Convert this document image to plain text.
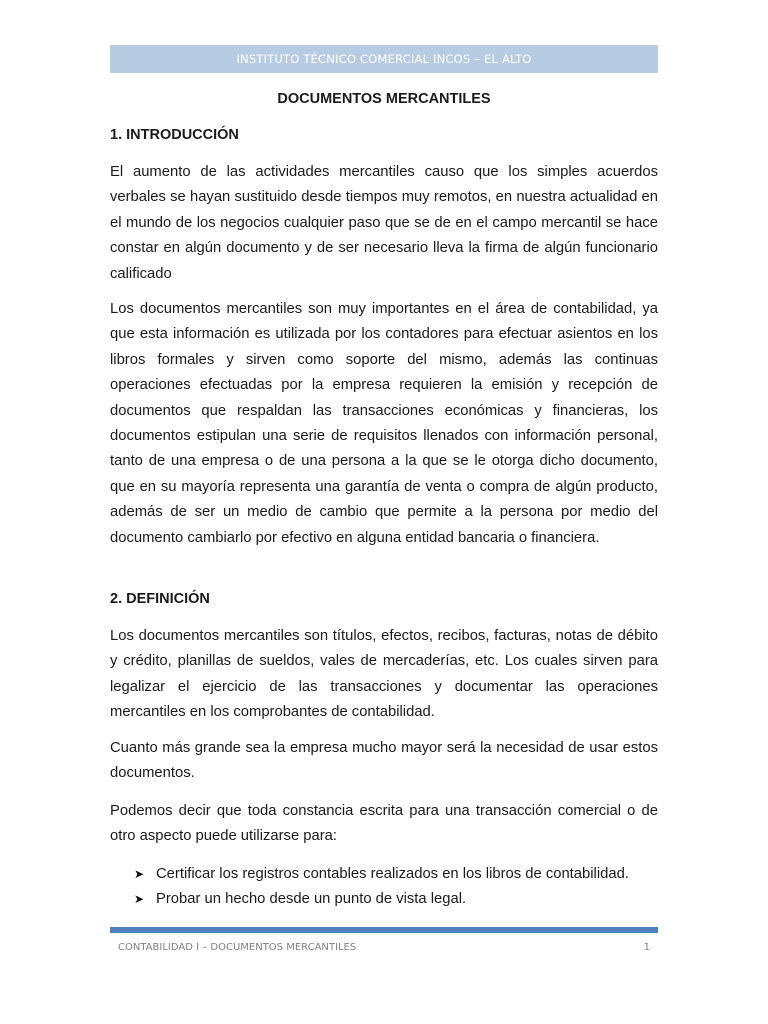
INSTITUTO TÉCNICO COMERCIAL INCOS – EL ALTO
DOCUMENTOS MERCANTILES
1. INTRODUCCIÓN

El aumento de las actividades mercantiles causo que los simples acuerdos verbales se hayan sustituido desde tiempos muy remotos, en nuestra actualidad en el mundo de los negocios cualquier paso que se de en el campo mercantil se hace constar en algún documento y de ser necesario lleva la firma de algún funcionario calificado

Los documentos mercantiles son muy importantes en el área de contabilidad, ya que esta información es utilizada por los contadores para efectuar asientos en los libros formales y sirven como soporte del mismo, además las continuas operaciones efectuadas por la empresa requieren la emisión y recepción de documentos que respaldan las transacciones económicas y financieras, los documentos estipulan una serie de requisitos llenados con información personal, tanto de una empresa o de una persona a la que se le otorga dicho documento, que en su mayoría representa una garantía de venta o compra de algún producto, además de ser un medio de cambio que permite a la persona por medio del documento cambiarlo por efectivo en alguna entidad bancaria o financiera.

2. DEFINICIÓN

Los documentos mercantiles son títulos, efectos, recibos, facturas, notas de débito y crédito, planillas de sueldos, vales de mercaderías, etc. Los cuales sirven para legalizar el ejercicio de las transacciones y documentar las operaciones mercantiles en los comprobantes de contabilidad.

Cuanto más grande sea la empresa mucho mayor será la necesidad de usar estos documentos.

Podemos decir que toda constancia escrita para una transacción comercial o de otro aspecto puede utilizarse para:

➤ Certificar los registros contables realizados en los libros de contabilidad.
➤ Probar un hecho desde un punto de vista legal.
CONTABILIDAD I – DOCUMENTOS MERCANTILES	1
